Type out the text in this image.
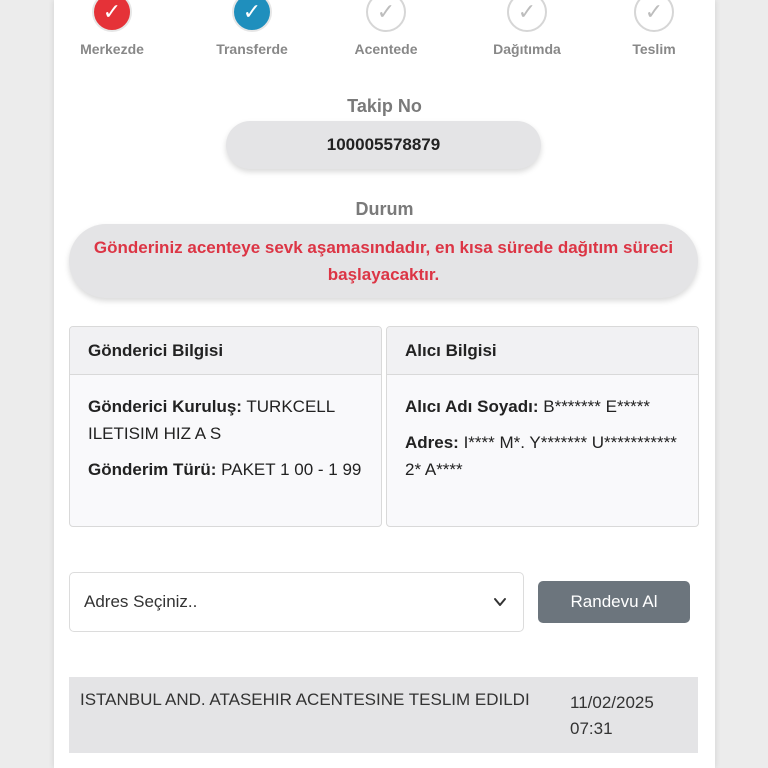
✓
Merkezde
✓
Transferde
✓
Acentede
✓
Dağıtımda
✓
Teslim
Takip No
100005578879
Durum
Gönderiniz acenteye sevk aşamasındadır, en kısa sürede dağıtım süreci başlayacaktır.
Gönderici Bilgisi

Gönderici Kuruluş: TURKCELL ILETISIM HIZ A S

Gönderim Türü: PAKET 1 00 - 1 99

Alıcı Bilgisi

Alıcı Adı Soyadı: B******* E*****

Adres: I**** M*. Y******* U*********** 2* A****

Adres Seçiniz..	Randevu Al
ISTANBUL AND. ATASEHIR ACENTESINE TESLIM EDILDI 11/02/2025
07:31
